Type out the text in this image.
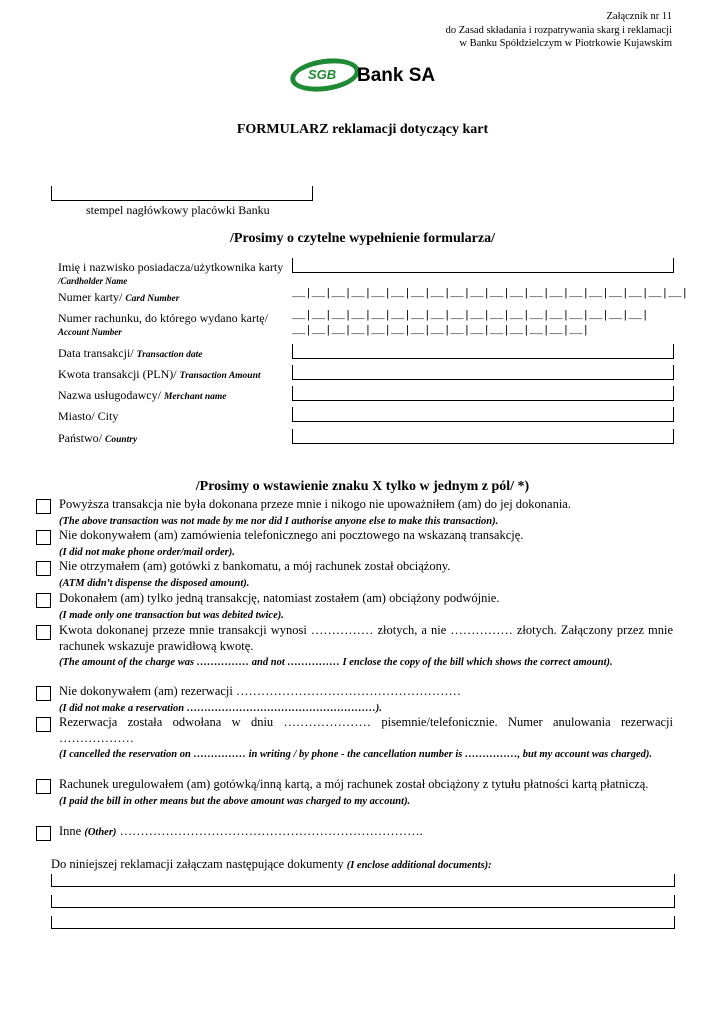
Załącznik nr 11
do Zasad składania i rozpatrywania skarg i reklamacji
w Banku Spółdzielczym w Piotrkowie Kujawskim
SGB Bank SA
FORMULARZ reklamacji dotyczący kart
stempel nagłówkowy placówki Banku
/Prosimy o czytelne wypełnienie formularza/
Imię i nazwisko posiadacza/użytkownika karty
/Cardholder Name
Numer karty/ Card Number	__|__|__|__|__|__|__|__|__|__|__|__|__|__|__|__|__|__|__|__|
Numer rachunku, do którego wydano kartę/
Account Number
__|__|__|__|__|__|__|__|__|__|__|__|__|__|__|__|__|__|
__|__|__|__|__|__|__|__|__|__|__|__|__|__|__|
Data transakcji/ Transaction date
Kwota transakcji (PLN)/ Transaction Amount
Nazwa usługodawcy/ Merchant name
Miasto/ City
Państwo/ Country
/Prosimy o wstawienie znaku X tylko w jednym z pól/ *)
Powyższa transakcja nie była dokonana przeze mnie i nikogo nie upoważniłem (am) do jej dokonania.
(The above transaction was not made by me nor did I authorise anyone else to make this transaction).
Nie dokonywałem (am) zamówienia telefonicznego ani pocztowego na wskazaną transakcję.
(I did not make phone order/mail order).
Nie otrzymałem (am) gotówki z bankomatu, a mój rachunek został obciążony.
(ATM didn’t dispense the disposed amount).
Dokonałem (am) tylko jedną transakcję, natomiast zostałem (am) obciążony podwójnie.
(I made only one transaction but was debited twice).
Kwota dokonanej przeze mnie transakcji wynosi …………… złotych, a nie …………… złotych. Załączony przez mnie rachunek wskazuje prawidłową kwotę.
(The amount of the charge was …………… and not …………… I enclose the copy of the bill which shows the correct amount).
Nie dokonywałem (am) rezerwacji ………………………………………………
(I did not make a reservation ………………………………………………).
Rezerwacja została odwołana w dniu ………………… pisemnie/telefonicznie. Numer anulowania rezerwacji ………………
(I cancelled the reservation on …………… in writing / by phone - the cancellation number is ……………, but my account was charged).
Rachunek uregulowałem (am) gotówką/inną kartą, a mój rachunek został obciążony z tytułu płatności kartą płatniczą.
(I paid the bill in other means but the above amount was charged to my account).
Inne (Other) ……………………………………………………………….
Do niniejszej reklamacji załączam następujące dokumenty (I enclose additional documents):
